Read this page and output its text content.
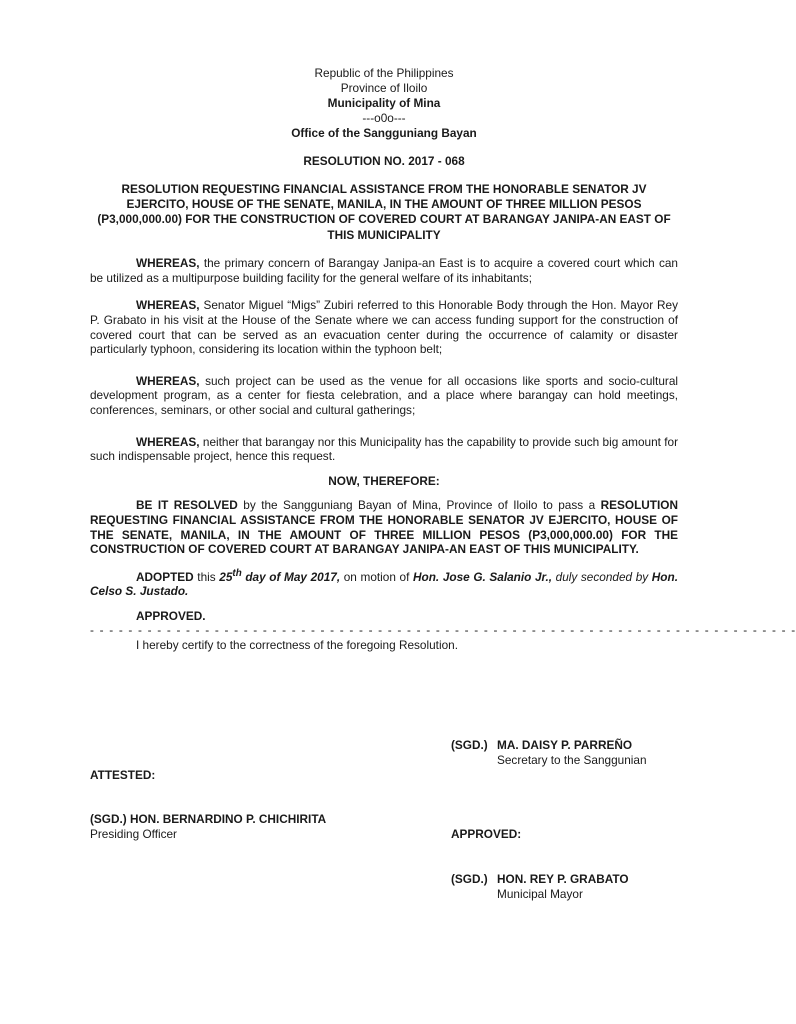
Republic of the Philippines
Province of Iloilo
Municipality of Mina
---o0o---
Office of the Sangguniang Bayan
RESOLUTION NO. 2017 - 068
RESOLUTION REQUESTING FINANCIAL ASSISTANCE FROM THE HONORABLE SENATOR JV EJERCITO, HOUSE OF THE SENATE, MANILA, IN THE AMOUNT OF THREE MILLION PESOS (P3,000,000.00) FOR THE CONSTRUCTION OF COVERED COURT AT BARANGAY JANIPA-AN EAST OF THIS MUNICIPALITY
WHEREAS, the primary concern of Barangay Janipa-an East is to acquire a covered court which can be utilized as a multipurpose building facility for the general welfare of its inhabitants;
WHEREAS, Senator Miguel “Migs” Zubiri referred to this Honorable Body through the Hon. Mayor Rey P. Grabato in his visit at the House of the Senate where we can access funding support for the construction of covered court that can be served as an evacuation center during the occurrence of calamity or disaster particularly typhoon, considering its location within the typhoon belt;
WHEREAS, such project can be used as the venue for all occasions like sports and socio-cultural development program, as a center for fiesta celebration, and a place where barangay can hold meetings, conferences, seminars, or other social and cultural gatherings;
WHEREAS, neither that barangay nor this Municipality has the capability to provide such big amount for such indispensable project, hence this request.
NOW, THEREFORE:
BE IT RESOLVED by the Sangguniang Bayan of Mina, Province of Iloilo to pass a RESOLUTION REQUESTING FINANCIAL ASSISTANCE FROM THE HONORABLE SENATOR JV EJERCITO, HOUSE OF THE SENATE, MANILA, IN THE AMOUNT OF THREE MILLION PESOS (P3,000,000.00) FOR THE CONSTRUCTION OF COVERED COURT AT BARANGAY JANIPA-AN EAST OF THIS MUNICIPALITY.
ADOPTED this 25th day of May 2017, on motion of Hon. Jose G. Salanio Jr., duly seconded by Hon. Celso S. Justado.
APPROVED.
- - - - - - - - - - - - - - - - - - - - - - - - - - - - - - - - - - - - - - - - - - - - - - - - - - - - - - - - - - - - - - - - - - - - - - - - - -
I hereby certify to the correctness of the foregoing Resolution.
(SGD.) MA. DAISY P. PARREÑO
Secretary to the Sanggunian
ATTESTED:
(SGD.) HON. BERNARDINO P. CHICHIRITA
Presiding Officer	APPROVED:
(SGD.) HON. REY P. GRABATO
Municipal Mayor
